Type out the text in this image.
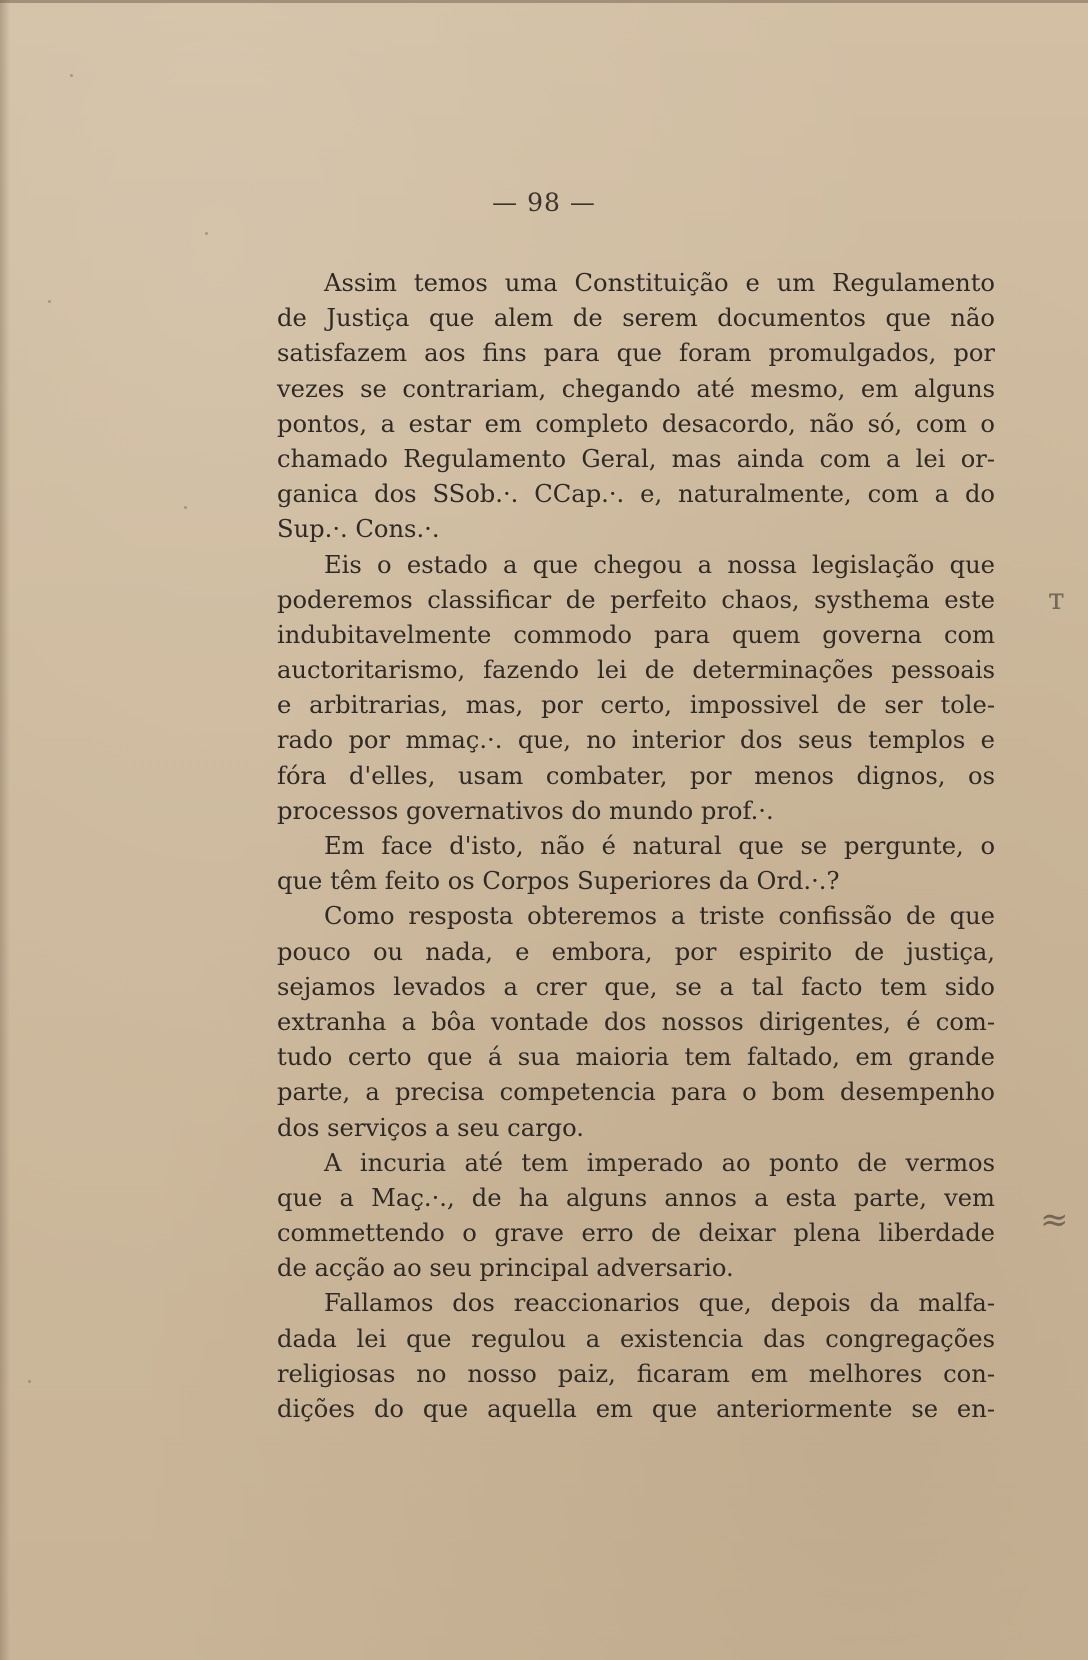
— 98 —
Assim temos uma Constituição e um Regulamento
de Justiça que alem de serem documentos que não
satisfazem aos fins para que foram promulgados, por
vezes se contrariam, chegando até mesmo, em alguns
pontos, a estar em completo desacordo, não só, com o
chamado Regulamento Geral, mas ainda com a lei or-
ganica dos SSob.·. CCap.·. e, naturalmente, com a do
Sup.·. Cons.·.
Eis o estado a que chegou a nossa legislação que
poderemos classificar de perfeito chaos, systhema este
indubitavelmente commodo para quem governa com
auctoritarismo, fazendo lei de determinações pessoais
e arbitrarias, mas, por certo, impossivel de ser tole-
rado por mmaç.·. que, no interior dos seus templos e
fóra d'elles, usam combater, por menos dignos, os
processos governativos do mundo prof.·.
Em face d'isto, não é natural que se pergunte, o
que têm feito os Corpos Superiores da Ord.·.?
Como resposta obteremos a triste confissão de que
pouco ou nada, e embora, por espirito de justiça,
sejamos levados a crer que, se a tal facto tem sido
extranha a bôa vontade dos nossos dirigentes, é com-
tudo certo que á sua maioria tem faltado, em grande
parte, a precisa competencia para o bom desempenho
dos serviços a seu cargo.
A incuria até tem imperado ao ponto de vermos
que a Maç.·., de ha alguns annos a esta parte, vem
commettendo o grave erro de deixar plena liberdade
de acção ao seu principal adversario.
Fallamos dos reaccionarios que, depois da malfa-
dada lei que regulou a existencia das congregações
religiosas no nosso paiz, ficaram em melhores con-
dições do que aquella em que anteriormente se en-
т
≈
